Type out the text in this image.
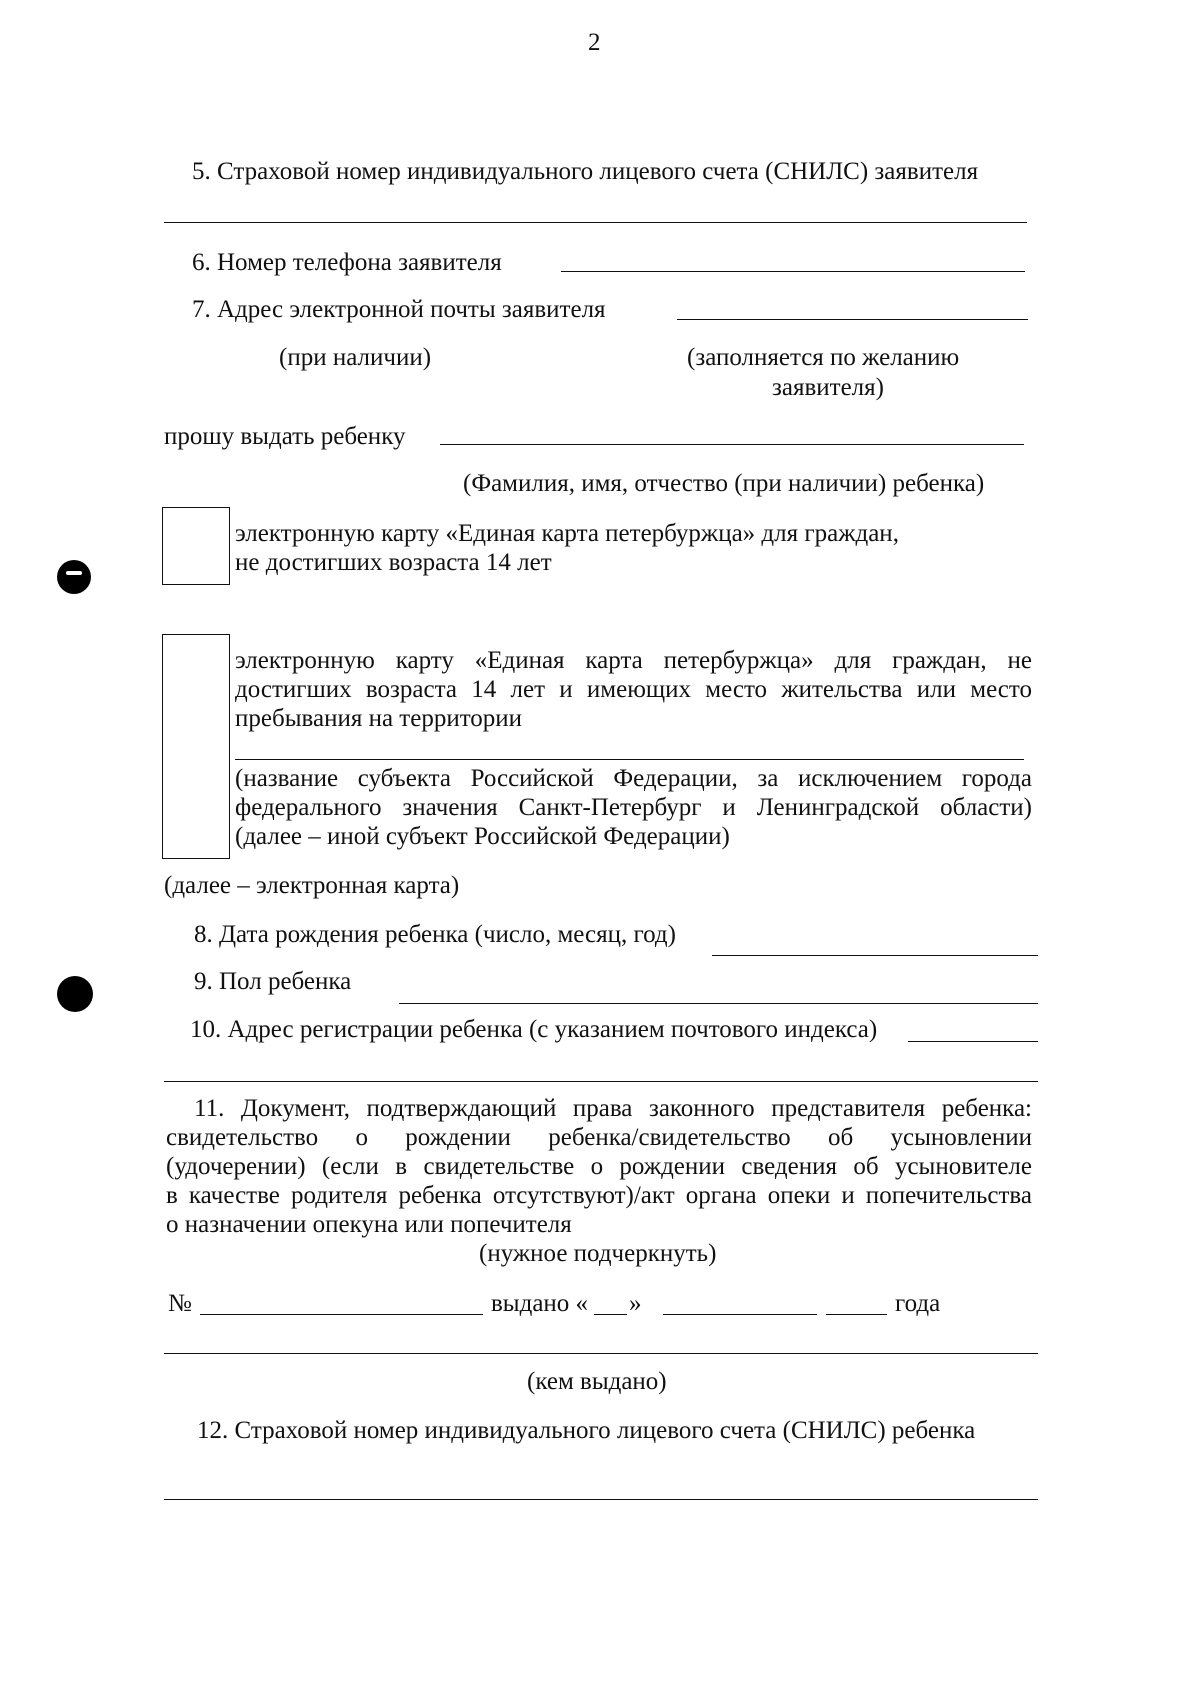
2
5. Страховой номер индивидуального лицевого счета (СНИЛС) заявителя
6. Номер телефона заявителя
7. Адрес электронной почты заявителя
(при наличии)	(заполняется по желанию
заявителя)
прошу выдать ребенку
(Фамилия, имя, отчество (при наличии) ребенка)
электронную карту «Единая карта петербуржца» для граждан,
не достигших возраста 14 лет
электронную карту «Единая карта петербуржца» для граждан, не
достигших возраста 14 лет и имеющих место жительства или место
пребывания на территории
(название субъекта Российской Федерации, за исключением города
федерального значения Санкт-Петербург и Ленинградской области)
(далее – иной субъект Российской Федерации)
(далее – электронная карта)
8. Дата рождения ребенка (число, месяц, год)
9. Пол ребенка
10. Адрес регистрации ребенка (с указанием почтового индекса)
11. Документ, подтверждающий права законного представителя ребенка:
свидетельство о рождении ребенка/свидетельство об усыновлении
(удочерении) (если в свидетельстве о рождении сведения об усыновителе
в качестве родителя ребенка отсутствуют)/акт органа опеки и попечительства
о назначении опекуна или попечителя
(нужное подчеркнуть)
№	выдано « »	года
(кем выдано)
12. Страховой номер индивидуального лицевого счета (СНИЛС) ребенка
